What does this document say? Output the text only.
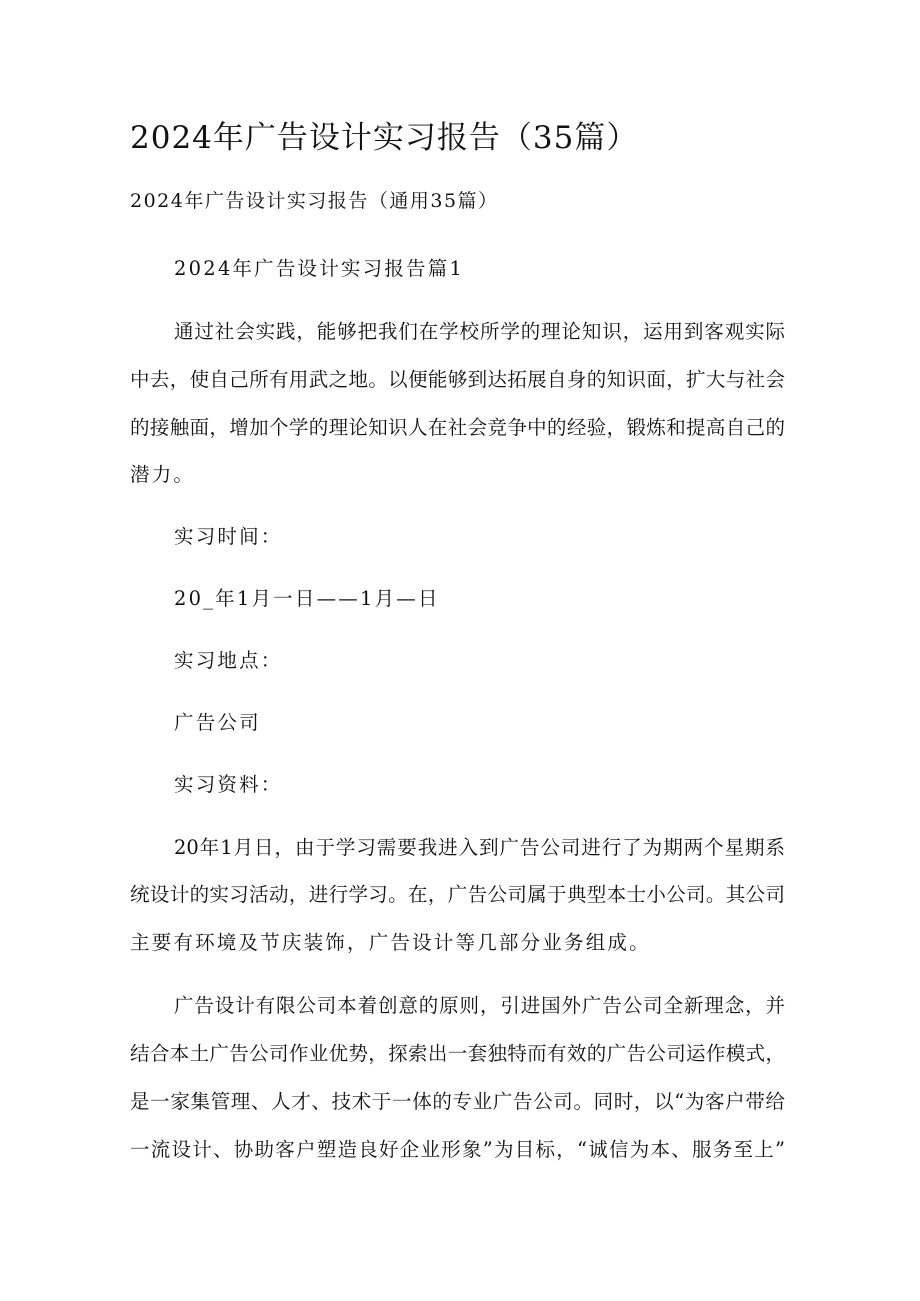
2024年广告设计实习报告（35篇）

2024年广告设计实习报告（通用35篇）

2024年广告设计实习报告篇1

通过社会实践，能够把我们在学校所学的理论知识，运用到客观实际

中去，使自己所有用武之地。以便能够到达拓展自身的知识面，扩大与社会

的接触面，增加个学的理论知识人在社会竞争中的经验，锻炼和提高自己的

潜力。

实习时间：

20_年1月一日——1月—日

实习地点：

广告公司

实习资料：

20年1月日，由于学习需要我进入到广告公司进行了为期两个星期系

统设计的实习活动，进行学习。在，广告公司属于典型本士小公司。其公司

主要有环境及节庆装饰，广告设计等几部分业务组成。

广告设计有限公司本着创意的原则，引进国外广告公司全新理念，并

结合本土广告公司作业优势，探索出一套独特而有效的广告公司运作模式，

是一家集管理、人才、技术于一体的专业广告公司。同时，以“为客户带给

一流设计、协助客户塑造良好企业形象”为目标，“诚信为本、服务至上”
